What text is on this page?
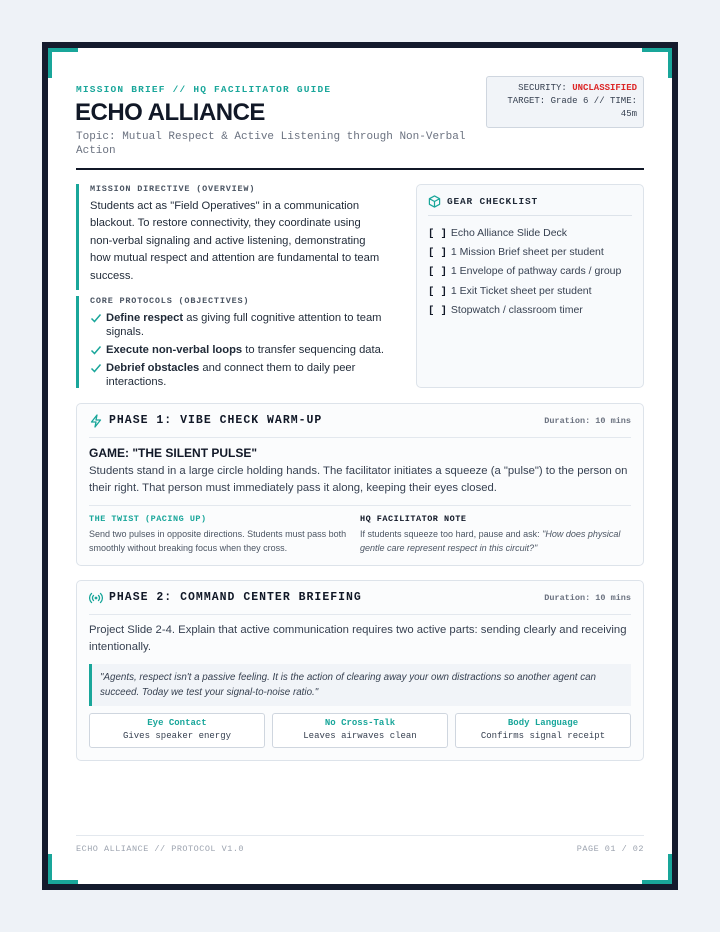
MISSION BRIEF // HQ FACILITATOR GUIDE
ECHO ALLIANCE
Topic: Mutual Respect & Active Listening through Non-Verbal Action
SECURITY: UNCLASSIFIED
TARGET: Grade 6 // TIME:
45m
MISSION DIRECTIVE (OVERVIEW)

Students act as "Field Operatives" in a communication blackout. To restore connectivity, they coordinate using non-verbal signaling and active listening, demonstrating how mutual respect and attention are fundamental to team success.

CORE PROTOCOLS (OBJECTIVES)
Define respect as giving full cognitive attention to team signals.
Execute non-verbal loops to transfer sequencing data.
Debrief obstacles and connect them to daily peer interactions.
GEAR CHECKLIST
[ ] Echo Alliance Slide Deck
[ ] 1 Mission Brief sheet per student
[ ] 1 Envelope of pathway cards / group
[ ] 1 Exit Ticket sheet per student
[ ] Stopwatch / classroom timer
PHASE 1: VIBE CHECK WARM-UP	Duration: 10 mins
GAME: "THE SILENT PULSE"
Students stand in a large circle holding hands. The facilitator initiates a squeeze (a "pulse") to the person on their right. That person must immediately pass it along, keeping their eyes closed.
THE TWIST (PACING UP)
Send two pulses in opposite directions. Students must pass both smoothly without breaking focus when they cross.
HQ FACILITATOR NOTE
If students squeeze too hard, pause and ask: "How does physical gentle care represent respect in this circuit?"
PHASE 2: COMMAND CENTER BRIEFING	Duration: 10 mins
Project Slide 2-4. Explain that active communication requires two active parts: sending clearly and receiving intentionally.
"Agents, respect isn't a passive feeling. It is the action of clearing away your own distractions so another agent can succeed. Today we test your signal-to-noise ratio."
Eye Contact
Gives speaker energy
No Cross-Talk
Leaves airwaves clean
Body Language
Confirms signal receipt
ECHO ALLIANCE // PROTOCOL V1.0	PAGE 01 / 02
